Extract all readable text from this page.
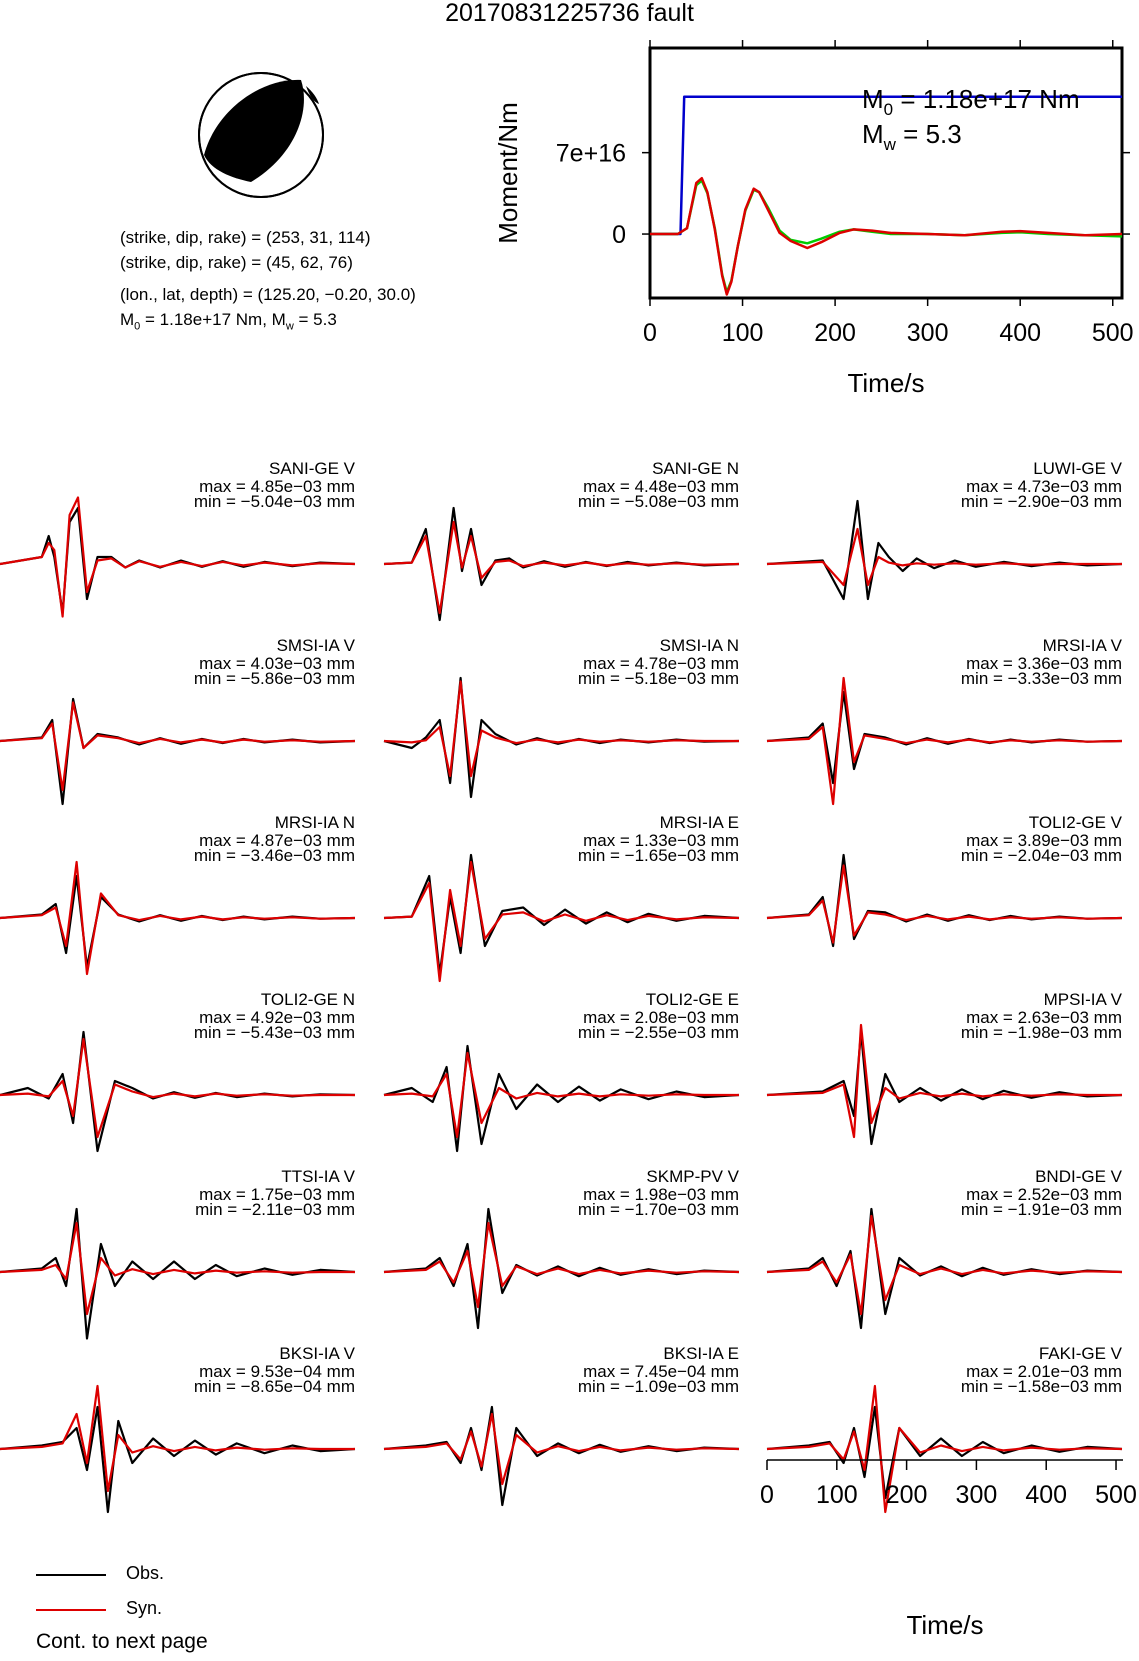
20170831225736 fault
(strike, dip, rake) = (253, 31, 114)
(strike, dip, rake) = (45, 62, 76)
(lon., lat, depth) = (125.20, −0.20, 30.0)
$M_0 = 1.18e+17$ Nm, $M_w = 5.3$	0	100 200 300 400 500
0
7e+16
Time/s
Moment/Nm
$M_0 = 1.18e+17$ Nm
$M_w = 5.3$
SANI-GE V
max = 4.85e−03 mm
min = −5.04e−03 mm
SANI-GE N
max = 4.48e−03 mm
min = −5.08e−03 mm
LUWI-GE V
max = 4.73e−03 mm
min = −2.90e−03 mm
SMSI-IA V
max = 4.03e−03 mm
min = −5.86e−03 mm
SMSI-IA N
max = 4.78e−03 mm
min = −5.18e−03 mm
MRSI-IA V
max = 3.36e−03 mm
min = −3.33e−03 mm
MRSI-IA N
max = 4.87e−03 mm
min = −3.46e−03 mm
MRSI-IA E
max = 1.33e−03 mm
min = −1.65e−03 mm
TOLI2-GE V
max = 3.89e−03 mm
min = −2.04e−03 mm
TOLI2-GE N
max = 4.92e−03 mm
min = −5.43e−03 mm
TOLI2-GE E
max = 2.08e−03 mm
min = −2.55e−03 mm
MPSI-IA V
max = 2.63e−03 mm
min = −1.98e−03 mm
TTSI-IA V
max = 1.75e−03 mm
min = −2.11e−03 mm
SKMP-PV V
max = 1.98e−03 mm
min = −1.70e−03 mm
BNDI-GE V
max = 2.52e−03 mm
min = −1.91e−03 mm
BKSI-IA V
max = 9.53e−04 mm
min = −8.65e−04 mm
BKSI-IA E
max = 7.45e−04 mm
min = −1.09e−03 mm
FAKI-GE V
max = 2.01e−03 mm
min = −1.58e−03 mm
0 100 200 300 400 500
Obs.
Syn.
Cont. to next page
Time/s
